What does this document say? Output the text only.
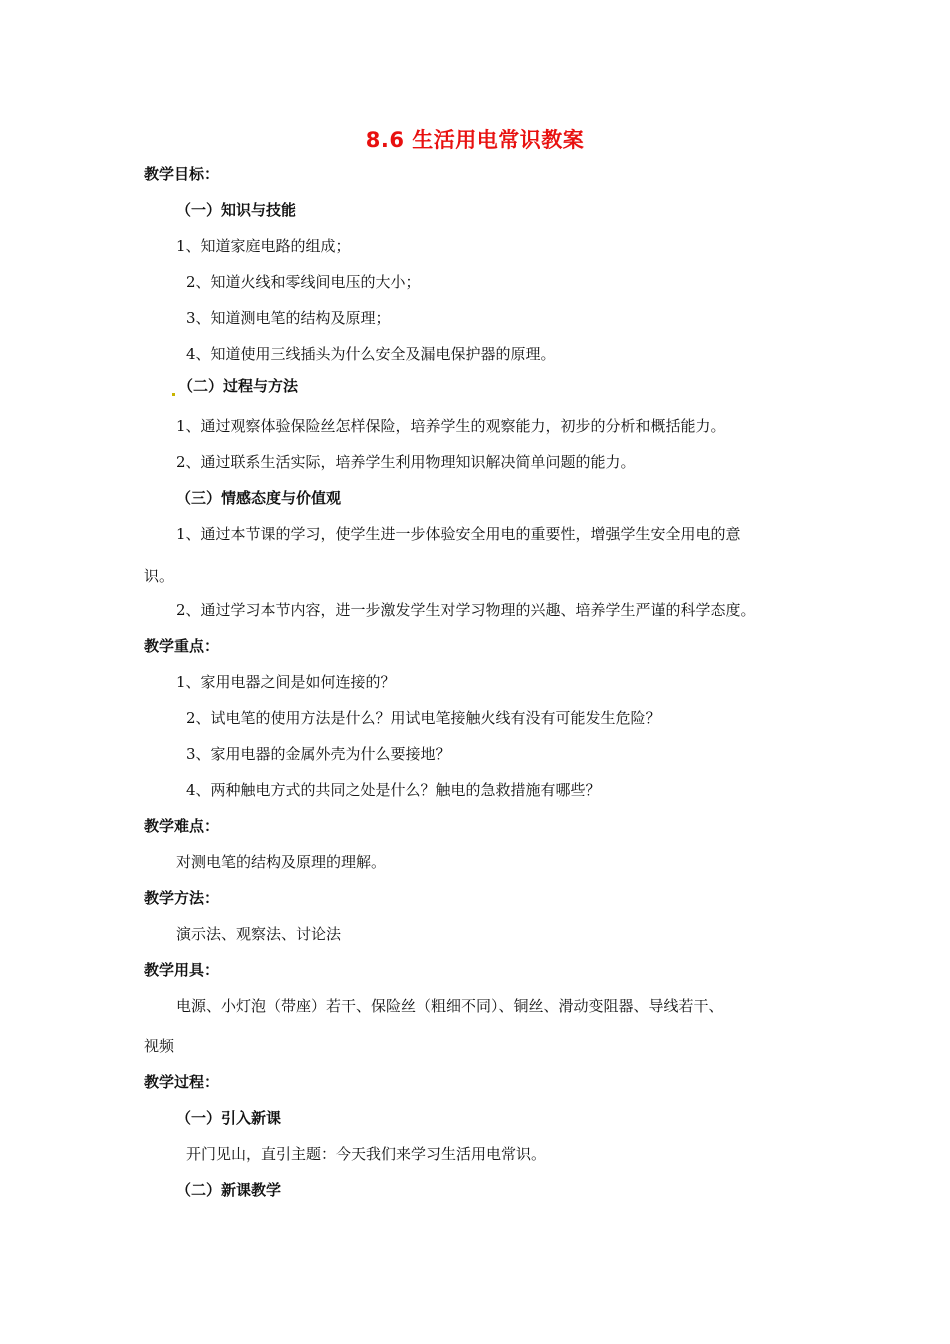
8.6 生活用电常识教案
教学目标：
（一）知识与技能
1、知道家庭电路的组成；
2、知道火线和零线间电压的大小；
3、知道测电笔的结构及原理；
4、知道使用三线插头为什么安全及漏电保护器的原理。
（二）过程与方法
1、通过观察体验保险丝怎样保险，培养学生的观察能力，初步的分析和概括能力。
2、通过联系生活实际，培养学生利用物理知识解决简单问题的能力。
（三）情感态度与价值观
1、通过本节课的学习，使学生进一步体验安全用电的重要性，增强学生安全用电的意
识。
2、通过学习本节内容，进一步激发学生对学习物理的兴趣、培养学生严谨的科学态度。
教学重点：
1、家用电器之间是如何连接的？
2、试电笔的使用方法是什么？用试电笔接触火线有没有可能发生危险？
3、家用电器的金属外壳为什么要接地？
4、两种触电方式的共同之处是什么？触电的急救措施有哪些？
教学难点：
对测电笔的结构及原理的理解。
教学方法：
演示法、观察法、讨论法
教学用具：
电源、小灯泡（带座）若干、保险丝（粗细不同）、铜丝、滑动变阻器、导线若干、
视频
教学过程：
（一）引入新课
开门见山，直引主题：今天我们来学习生活用电常识。
（二）新课教学
